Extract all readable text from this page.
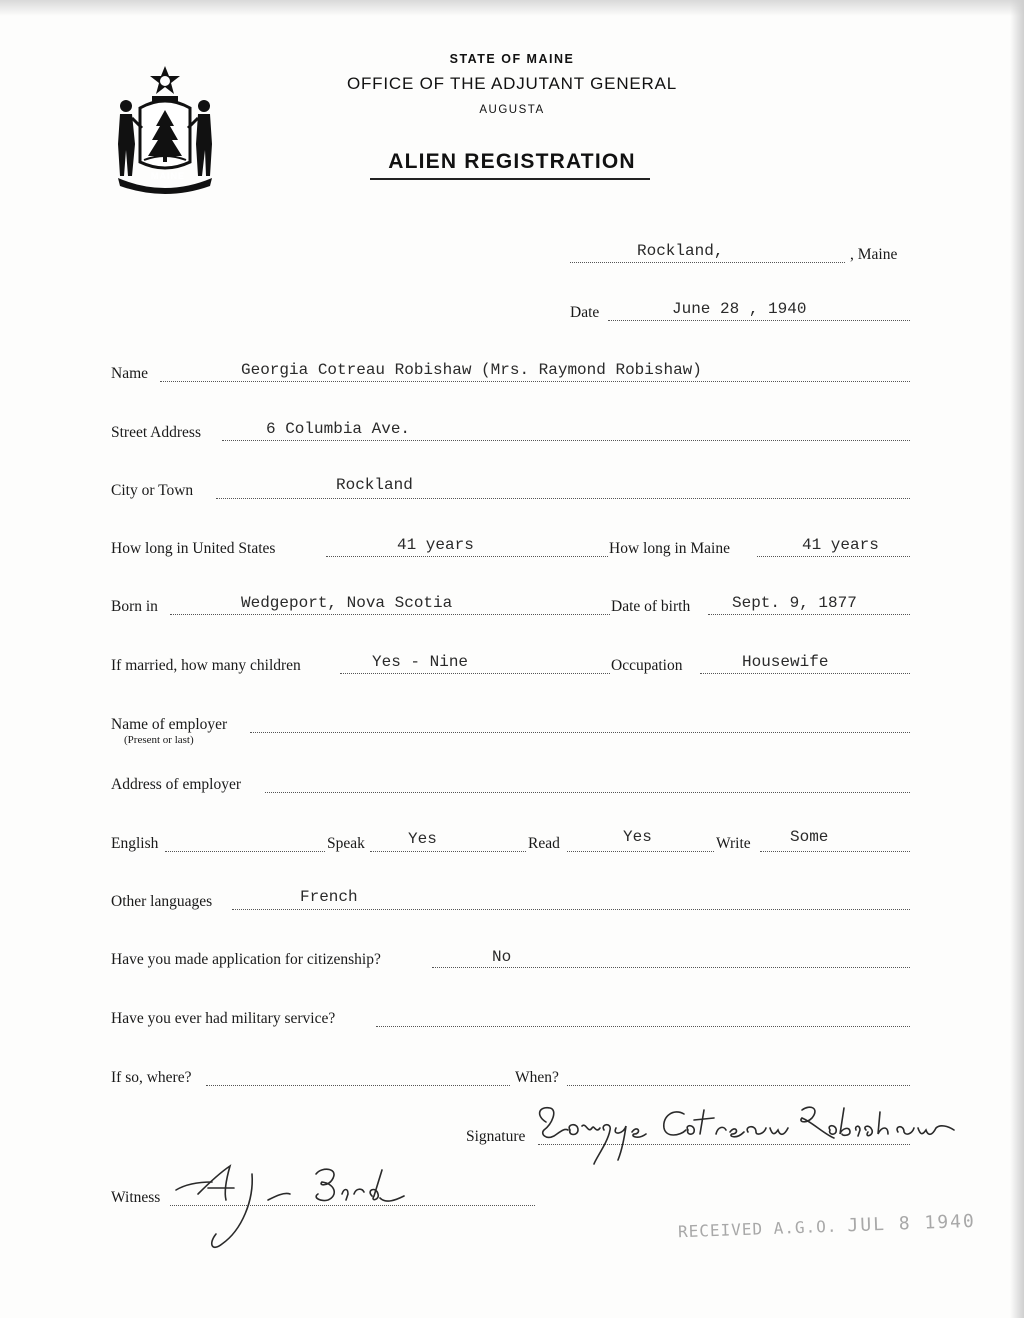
MAINE
STATE OF MAINE
OFFICE OF THE ADJUTANT GENERAL
AUGUSTA
ALIEN REGISTRATION
Rockland,	, Maine
Date	June 28 , 1940
Name	Georgia Cotreau Robishaw (Mrs. Raymond Robishaw)
Street Address	6 Columbia Ave.
City or Town	Rockland
How long in United States	41 years	How long in Maine	41 years
Born in	Wedgeport, Nova Scotia	Date of birth	Sept. 9, 1877
If married, how many children	Yes - Nine	Occupation	Housewife
Name of employer
(Present or last)
Address of employer
English	Speak	Yes	Read	Yes	Write Some
Other languages	French
Have you made application for citizenship?	No
Have you ever had military service?
If so, where?	When?
Signature
Witness
RECEIVED A.G.O. JUL 8 1940
